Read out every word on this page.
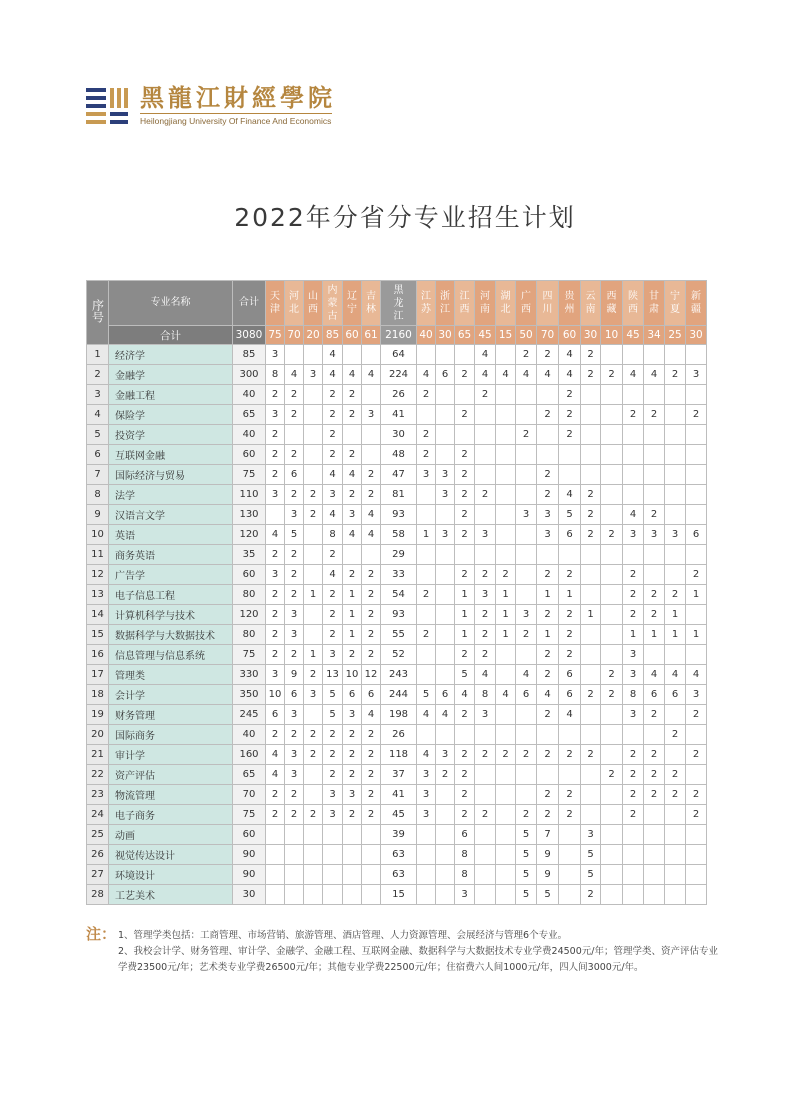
黑龍江財經學院
Heilongjiang University Of Finance And Economics
2022年分省分专业招生计划
序号	专业名称	合计	天津	河北	山西	内蒙古	辽宁	吉林	黑龙江	江苏	浙江	江西	河南	湖北	广西	四川	贵州	云南	西藏	陕西	甘肃	宁夏	新疆
	合计	3080	75	70	20	85	60	61	2160	40	30	65	45	15	50	70	60	30	10	45	34	25	30
1	经济学	85	3			4			64				4		2	2	4	2					
2	金融学	300	8	4	3	4	4	4	224	4	6	2	4	4	4	4	4	2	2	4	4	2	3
3	金融工程	40	2	2		2	2		26	2			2				2						
4	保险学	65	3	2		2	2	3	41			2				2	2			2	2		2
5	投资学	40	2			2			30	2					2		2						
6	互联网金融	60	2	2		2	2		48	2		2											
7	国际经济与贸易	75	2	6		4	4	2	47	3	3	2				2							
8	法学	110	3	2	2	3	2	2	81		3	2	2			2	4	2					
9	汉语言文学	130		3	2	4	3	4	93			2			3	3	5	2		4	2		
10	英语	120	4	5		8	4	4	58	1	3	2	3			3	6	2	2	3	3	3	6
11	商务英语	35	2	2		2			29														
12	广告学	60	3	2		4	2	2	33			2	2	2		2	2			2			2
13	电子信息工程	80	2	2	1	2	1	2	54	2		1	3	1		1	1			2	2	2	1
14	计算机科学与技术	120	2	3		2	1	2	93			1	2	1	3	2	2	1		2	2	1	
15	数据科学与大数据技术	80	2	3		2	1	2	55	2		1	2	1	2	1	2			1	1	1	1
16	信息管理与信息系统	75	2	2	1	3	2	2	52			2	2			2	2			3			
17	管理类	330	3	9	2	13	10	12	243			5	4		4	2	6		2	3	4	4	4
18	会计学	350	10	6	3	5	6	6	244	5	6	4	8	4	6	4	6	2	2	8	6	6	3
19	财务管理	245	6	3		5	3	4	198	4	4	2	3			2	4			3	2		2
20	国际商务	40	2	2	2	2	2	2	26													2	
21	审计学	160	4	3	2	2	2	2	118	4	3	2	2	2	2	2	2	2		2	2		2
22	资产评估	65	4	3		2	2	2	37	3	2	2							2	2	2	2	
23	物流管理	70	2	2		3	3	2	41	3		2				2	2			2	2	2	2
24	电子商务	75	2	2	2	3	2	2	45	3		2	2		2	2	2			2			2
25	动画	60							39			6			5	7		3					
26	视觉传达设计	90							63			8			5	9		5					
27	环境设计	90							63			8			5	9		5					
28	工艺美术	30							15			3			5	5		2					
注： 1、管理学类包括：工商管理、市场营销、旅游管理、酒店管理、人力资源管理、会展经济与管理6个专业。
2、我校会计学、财务管理、审计学、金融学、金融工程、互联网金融、数据科学与大数据技术专业学费24500元/年；管理学类、资产评估专业学费23500元/年；艺术类专业学费26500元/年；其他专业学费22500元/年；住宿费六人间1000元/年，四人间3000元/年。
